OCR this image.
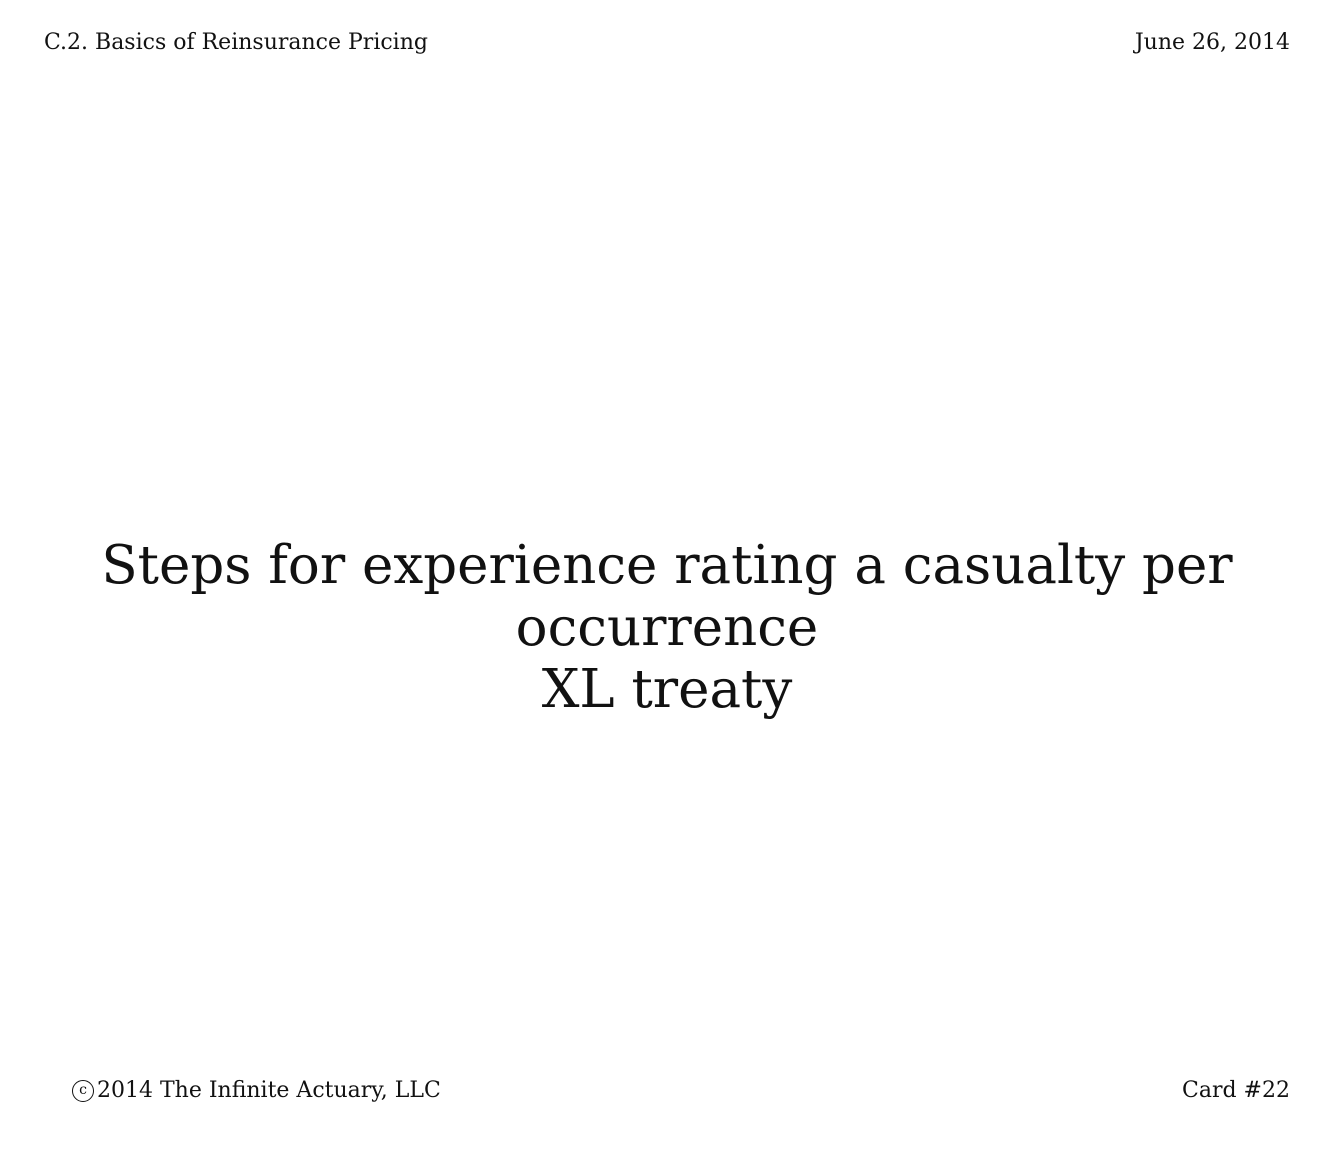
C.2. Basics of Reinsurance Pricing	June 26, 2014
Steps for experience rating a casualty per occurrence
XL treaty
c 2014 The Infinite Actuary, LLC	Card #22
